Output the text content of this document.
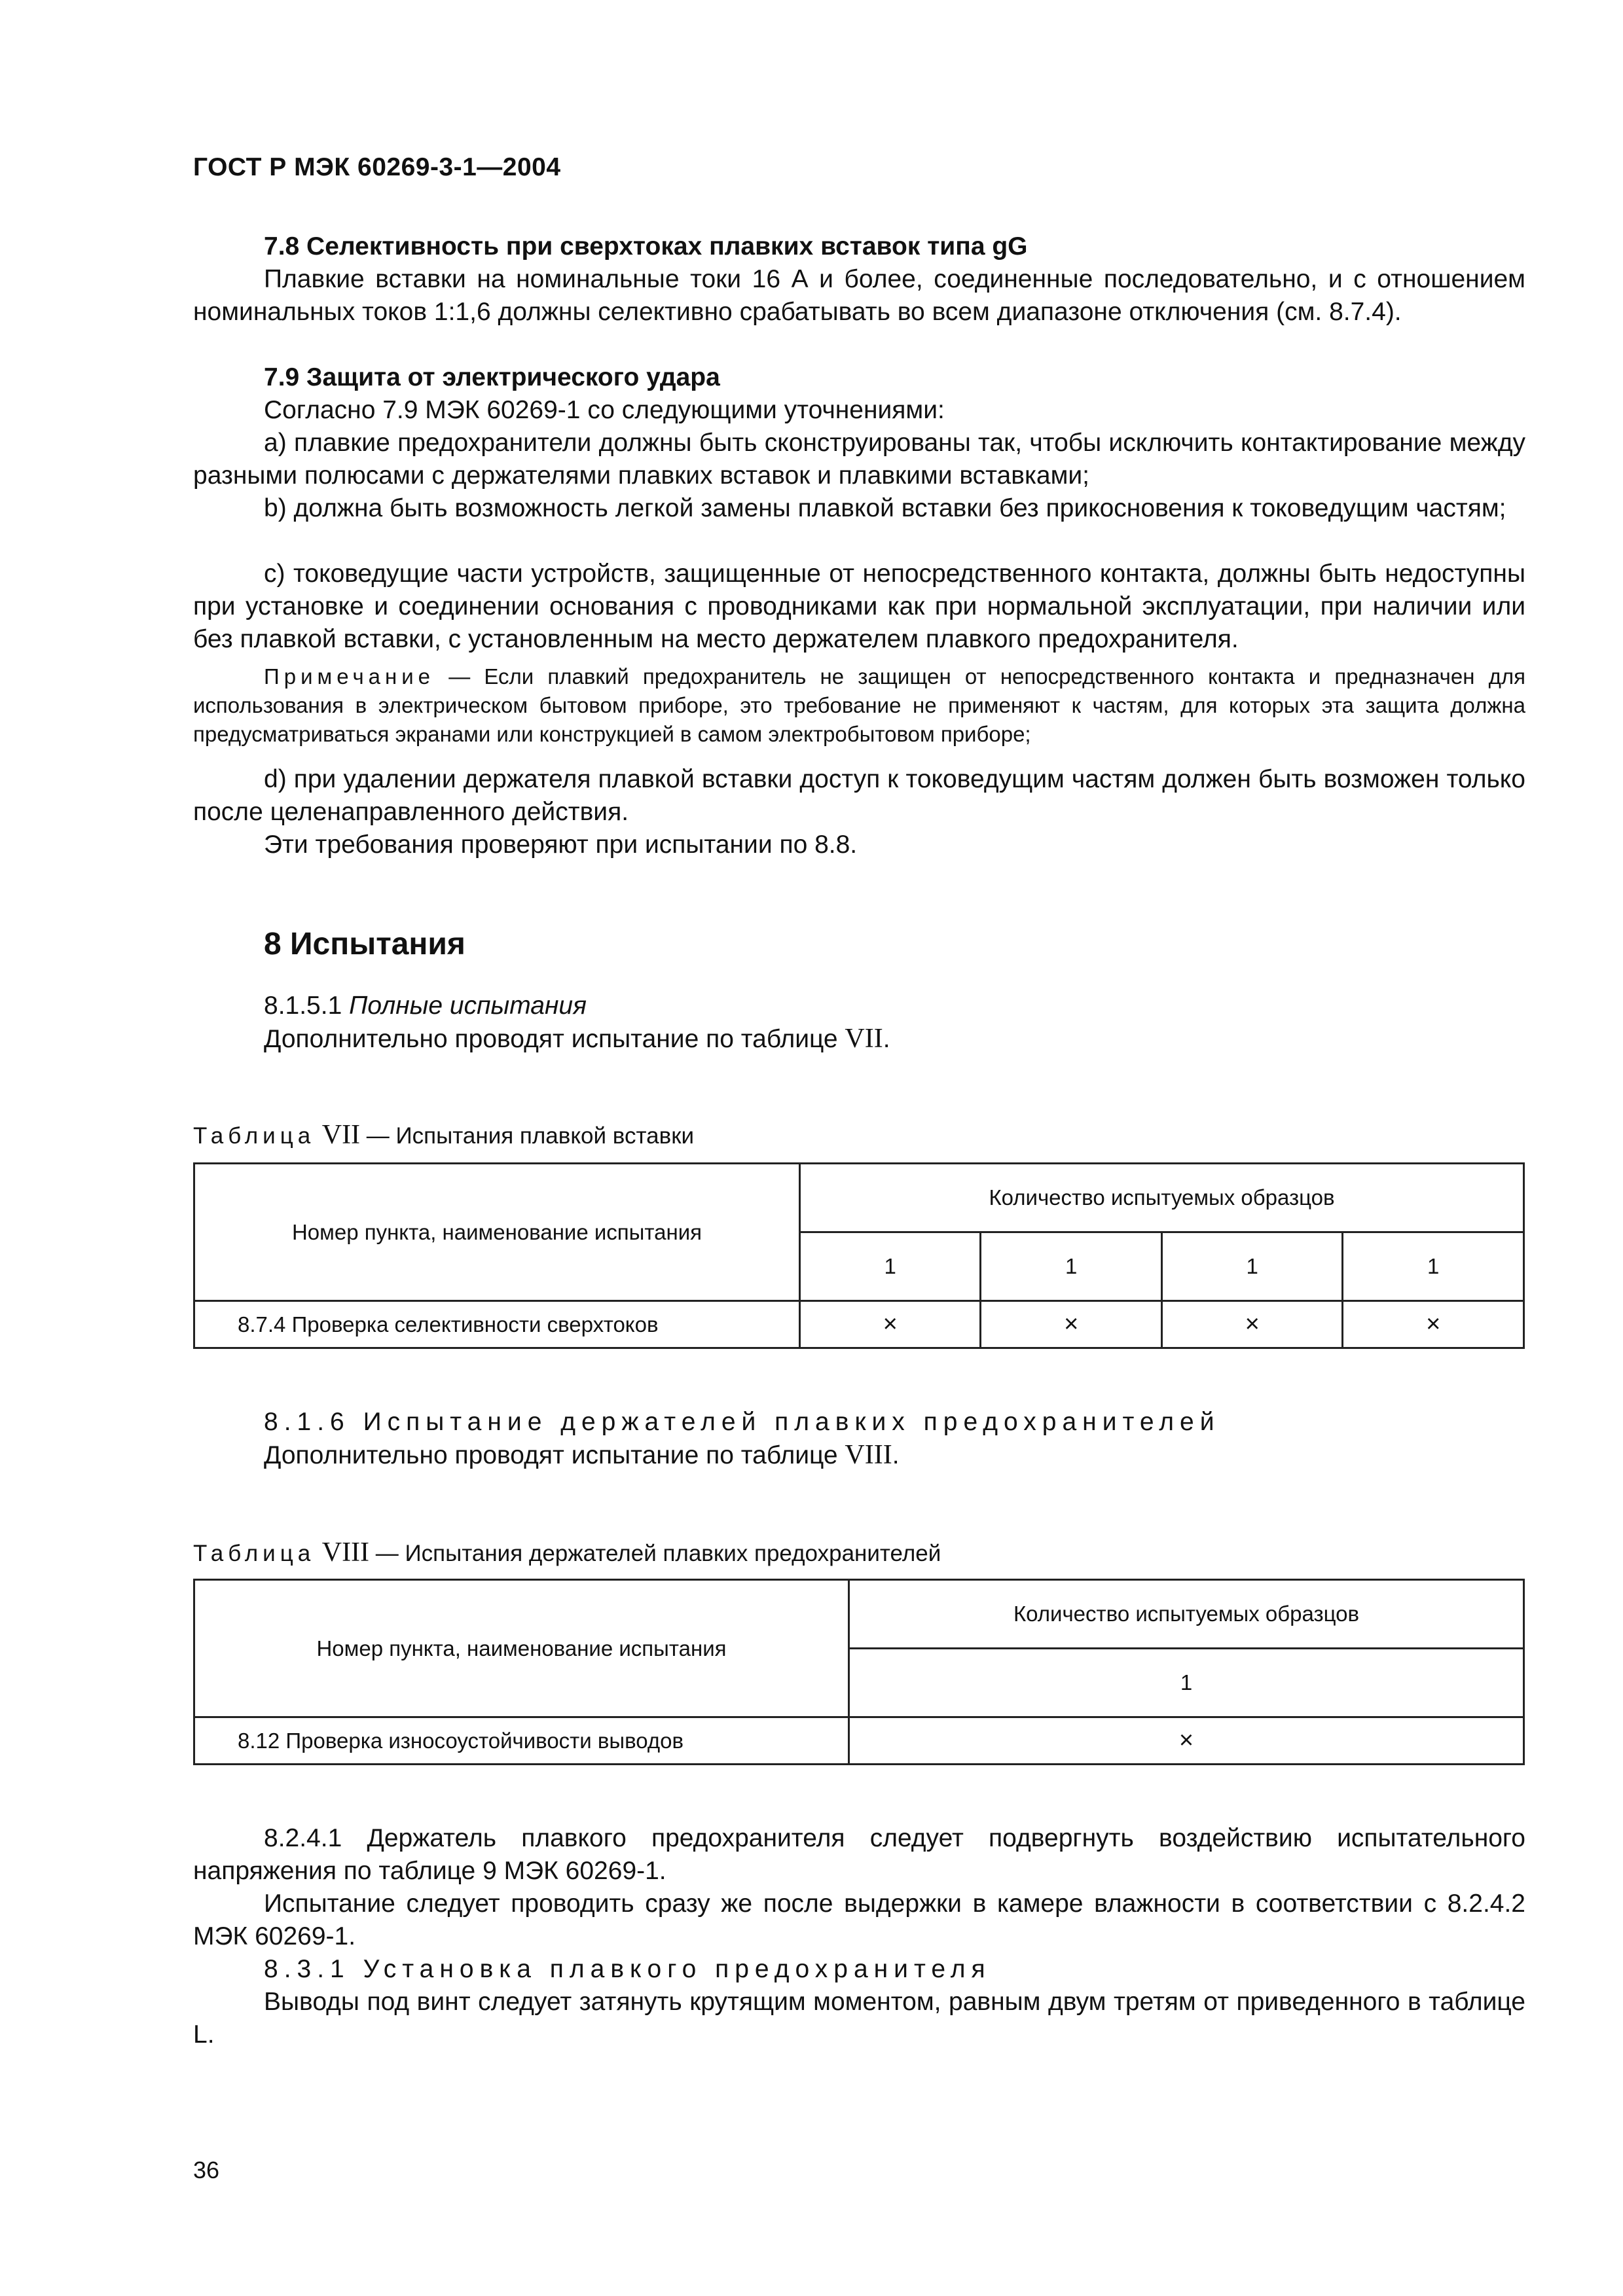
ГОСТ Р МЭК 60269-3-1—2004
7.8 Селективность при сверхтоках плавких вставок типа gG
Плавкие вставки на номинальные токи 16 А и более, соединенные последовательно, и с отношением номинальных токов 1:1,6 должны селективно срабатывать во всем диапазоне отключения (см. 8.7.4).
7.9 Защита от электрического удара
Согласно 7.9 МЭК 60269-1 со следующими уточнениями:
a) плавкие предохранители должны быть сконструированы так, чтобы исключить контактирование между разными полюсами с держателями плавких вставок и плавкими вставками;
b) должна быть возможность легкой замены плавкой вставки без прикосновения к токоведущим частям;
c) токоведущие части устройств, защищенные от непосредственного контакта, должны быть недоступны при установке и соединении основания с проводниками как при нормальной эксплуатации, при наличии или без плавкой вставки, с установленным на место держателем плавкого предохранителя.
Примечание — Если плавкий предохранитель не защищен от непосредственного контакта и предназначен для использования в электрическом бытовом приборе, это требование не применяют к частям, для которых эта защита должна предусматриваться экранами или конструкцией в самом электробытовом приборе;
d) при удалении держателя плавкой вставки доступ к токоведущим частям должен быть возможен только после целенаправленного действия.
Эти требования проверяют при испытании по 8.8.
8 Испытания
8.1.5.1 Полные испытания
Дополнительно проводят испытание по таблице VII.
Таблица VII — Испытания плавкой вставки
Номер пункта, наименование испытания	Количество испытуемых образцов			
	1	1	1	1
8.7.4 Проверка селективности сверхтоков	×	×	×	×
8.1.6 Испытание держателей плавких предохранителей
Дополнительно проводят испытание по таблице VIII.
Таблица VIII — Испытания держателей плавких предохранителей
Номер пункта, наименование испытания	Количество испытуемых образцов
	1
8.12 Проверка износоустойчивости выводов	×
8.2.4.1 Держатель плавкого предохранителя следует подвергнуть воздействию испытательного напряжения по таблице 9 МЭК 60269-1.
Испытание следует проводить сразу же после выдержки в камере влажности в соответствии с 8.2.4.2 МЭК 60269-1.
8.3.1 Установка плавкого предохранителя
Выводы под винт следует затянуть крутящим моментом, равным двум третям от приведенного в таблице L.
36
